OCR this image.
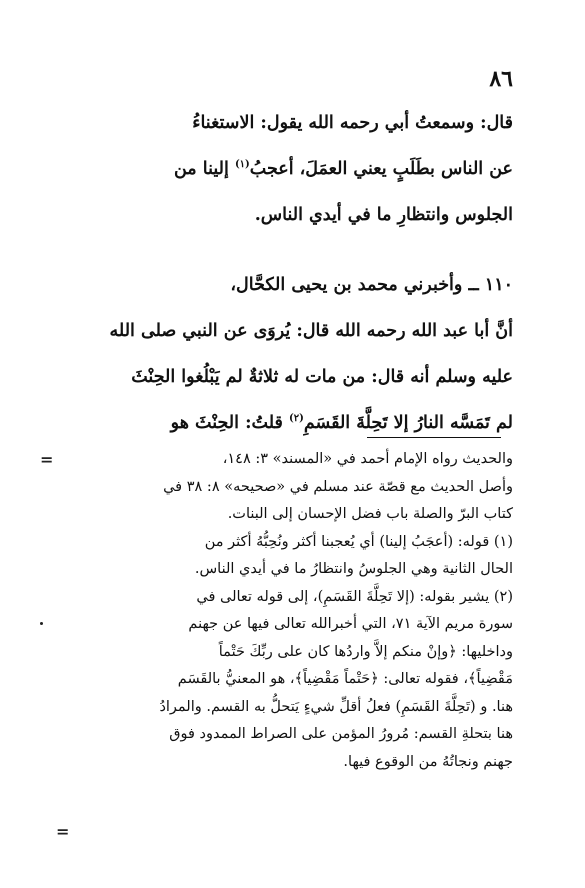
٨٦

قال: وسمعتُ أبي رحمه الله يقول: الاستغناءُ
عن الناس بطَلَبٍ يعني العمَلَ، أعجبُ$^{(١)}$ إلينا من
الجلوس وانتظارِ ما في أيدي الناس.

١١٠ ــ وأخبرني محمد بن يحيى الكحَّال،
أنَّ أبا عبد الله رحمه الله قال: يُروَى عن النبي صلى الله
عليه وسلم أنه قال: من مات له ثلاثةٌ لم يَبْلُغوا الحِنْثَ
لم تَمَسَّه النارُ إلا تَحِلَّةَ القَسَمِ$^{(٢)}$ قلتُ: الحِنْثَ هو

=	والحديث رواه الإمام أحمد في «المسند» ٣: ١٤٨،
وأصل الحديث مع قصّة عند مسلم في «صحيحه» ٨: ٣٨ في
كتاب البرّ والصلة باب فضل الإحسان إلى البنات.
(١) قوله: (أعجَبُ إلينا) أي يُعجبنا أكثر ونُحِبُّهُ أكثر من
الحال الثانية وهي الجلوسُ وانتظارُ ما في أيدي الناس.
(٢) يشير بقوله: (إلا تَحِلَّةَ القَسَمِ)، إلى قوله تعالى في
سورة مريم الآية ٧١، التي أخبرالله تعالى فيها عن جهنم
وداخليها: ﴿وإنْ منكم إلاَّ واردُها كان على ربِّكَ حَتْماً
مَقْضِياً﴾، فقوله تعالى: ﴿حَتْماً مَقْضِياً﴾، هو المعنيُّ بالقَسَم
هنا. و (تَحِلَّةَ القَسَمِ) فعلُ أقلِّ شيءٍ يَتحلُّ به القسم. والمرادُ
هنا بتحلةِ القسم: مُرورُ المؤمن على الصراط الممدود فوق
جهنم ونجاتُهُ من الوقوع فيها.
=
